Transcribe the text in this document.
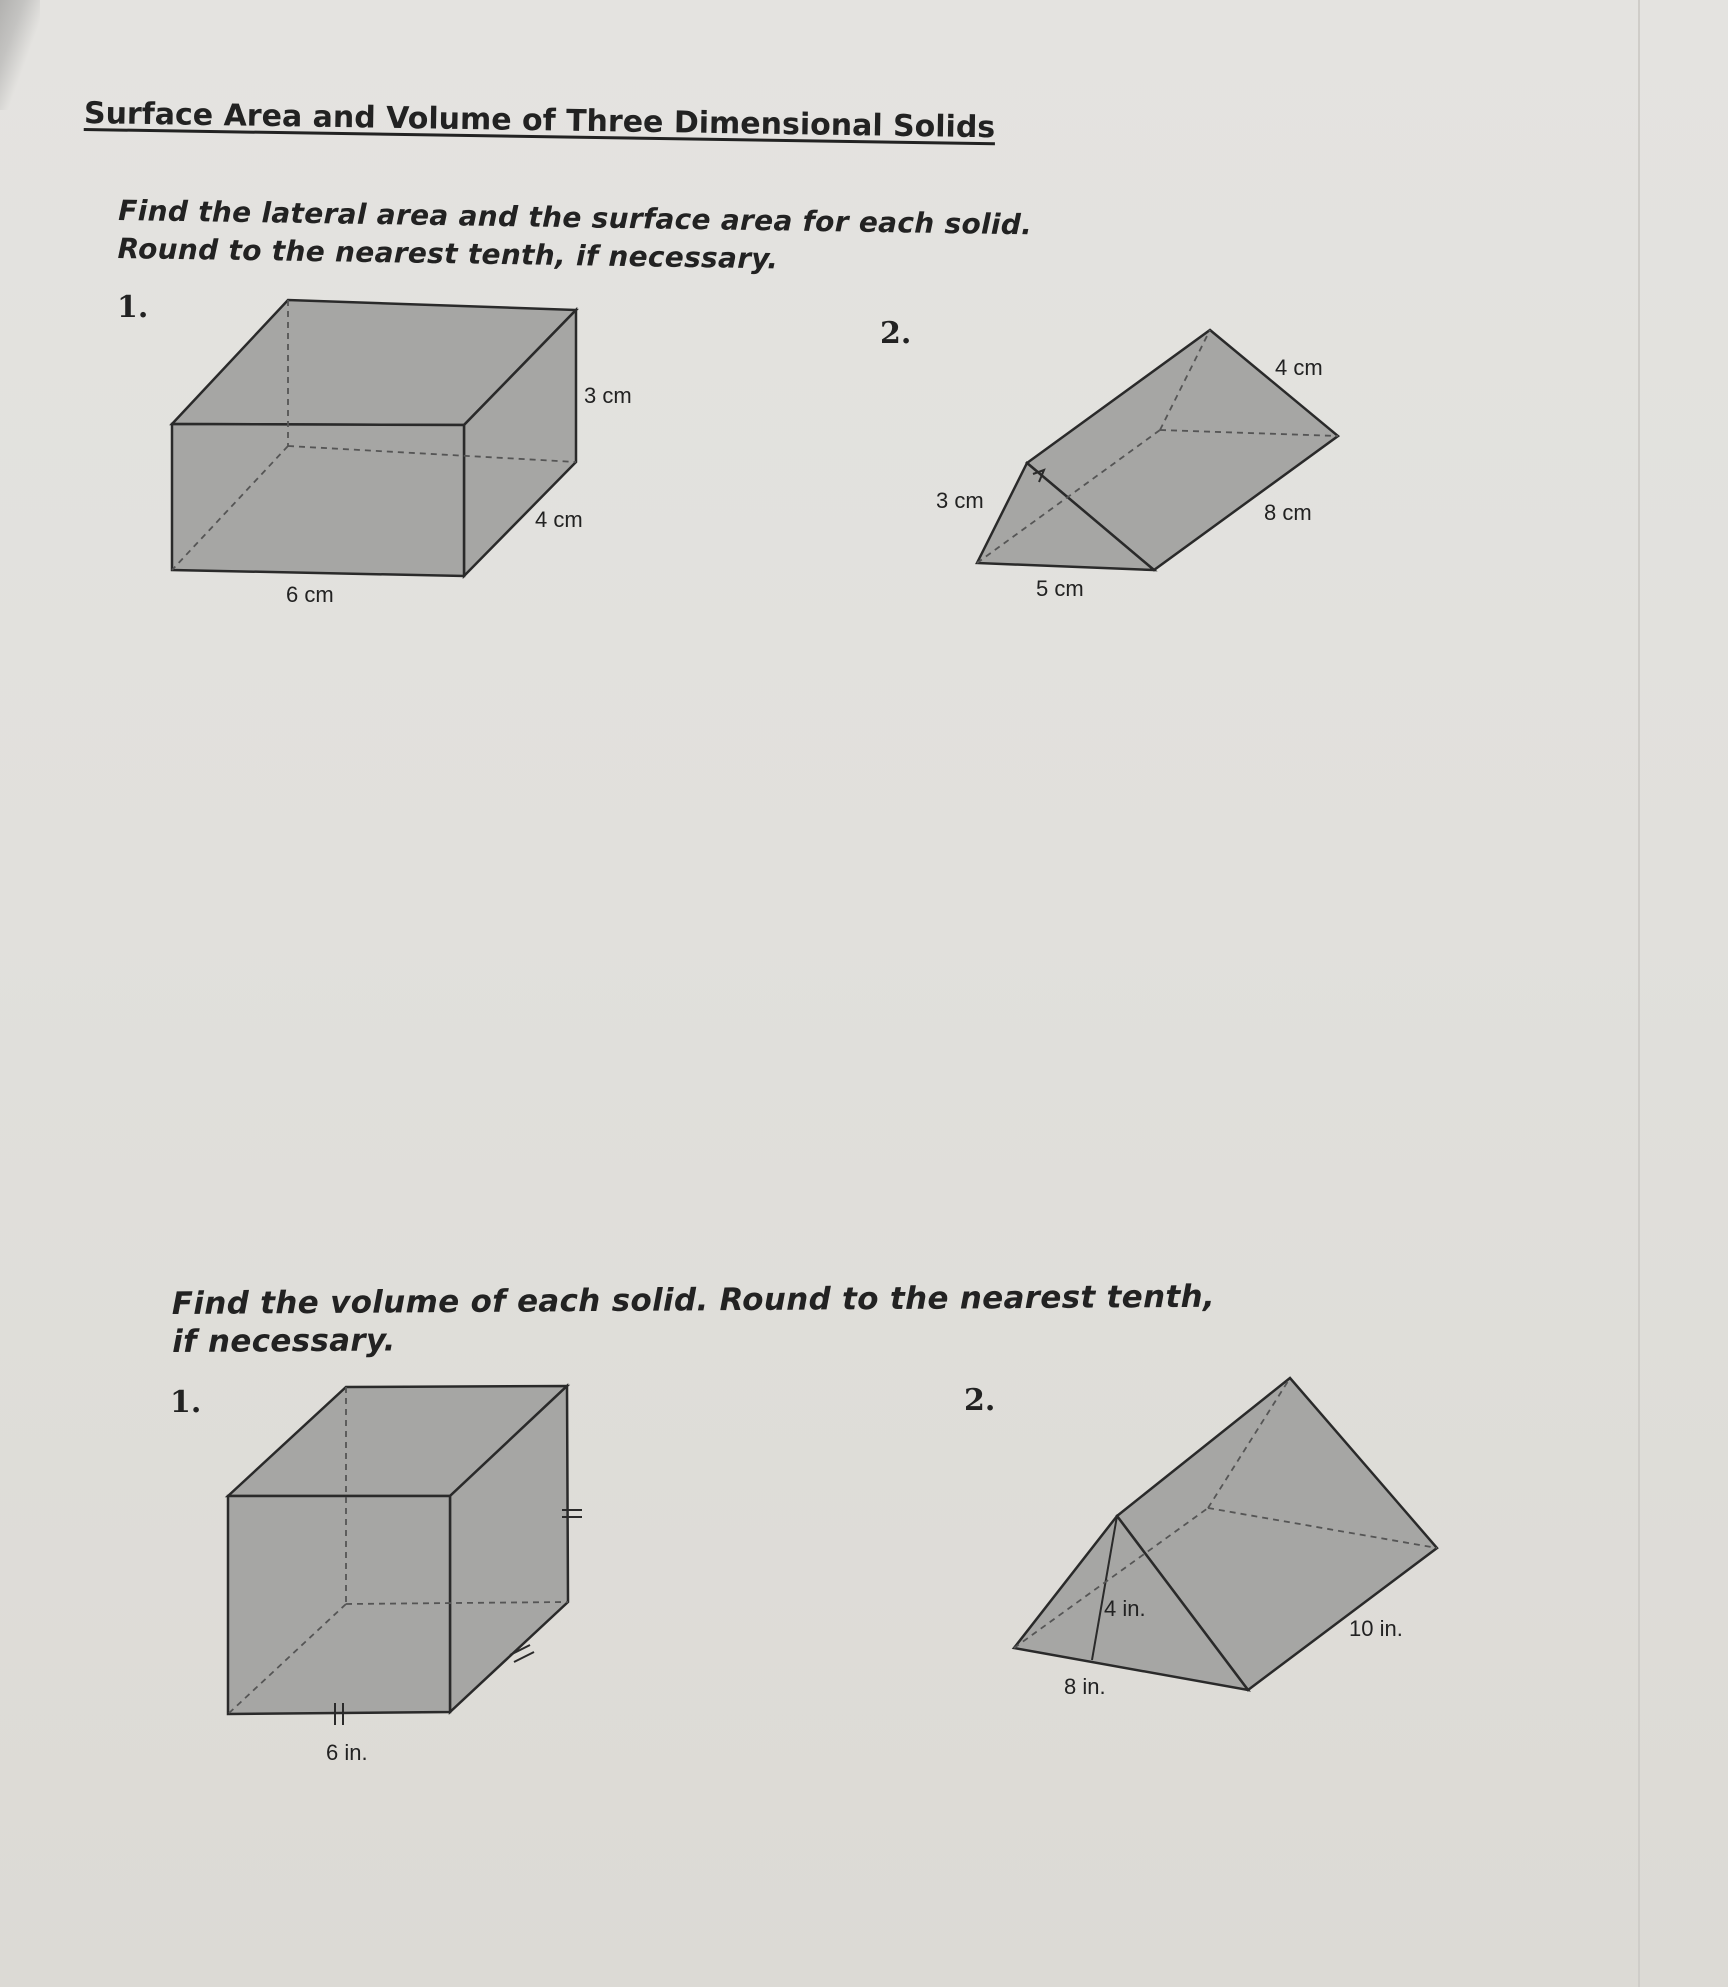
Surface Area and Volume of Three Dimensional Solids
Find the lateral area and the surface area for each solid.
Round to the nearest tenth, if necessary.
1.
2.
Find the volume of each solid. Round to the nearest tenth,
if necessary.
1.	2.
3 cm
4 cm
6 cm
4 cm
3 cm	8 cm
5 cm
6 in.
4 in.
8 in.
10 in.
